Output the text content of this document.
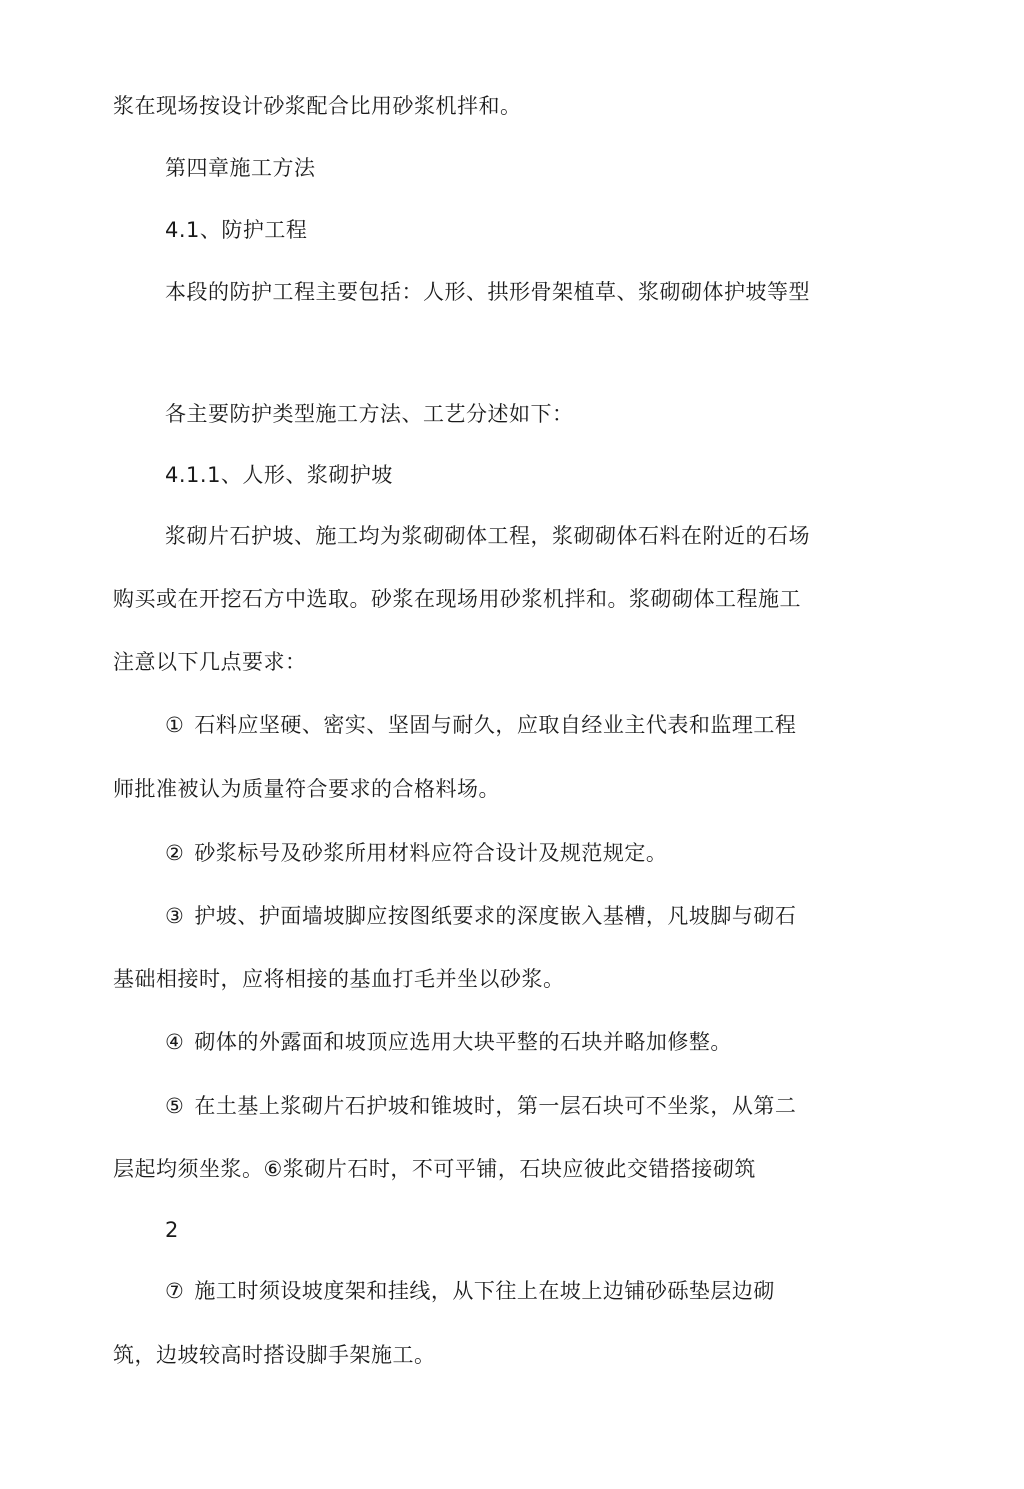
浆在现场按设计砂浆配合比用砂浆机拌和。
第四章施工方法
4.1、防护工程
本段的防护工程主要包括：人形、拱形骨架植草、浆砌砌体护坡等型
各主要防护类型施工方法、工艺分述如下：
4.1.1、人形、浆砌护坡
浆砌片石护坡、施工均为浆砌砌体工程，浆砌砌体石料在附近的石场
购买或在开挖石方中选取。砂浆在现场用砂浆机拌和。浆砌砌体工程施工
注意以下几点要求：
① 石料应坚硬、密实、坚固与耐久，应取自经业主代表和监理工程
师批准被认为质量符合要求的合格料场。
② 砂浆标号及砂浆所用材料应符合设计及规范规定。
③ 护坡、护面墙坡脚应按图纸要求的深度嵌入基槽，凡坡脚与砌石
基础相接时，应将相接的基血打毛并坐以砂浆。
④ 砌体的外露面和坡顶应选用大块平整的石块并略加修整。
⑤ 在土基上浆砌片石护坡和锥坡时，第一层石块可不坐浆，从第二
层起均须坐浆。⑥浆砌片石时，不可平铺，石块应彼此交错搭接砌筑
2
⑦ 施工时须设坡度架和挂线，从下往上在坡上边铺砂砾垫层边砌
筑，边坡较高时搭设脚手架施工。
